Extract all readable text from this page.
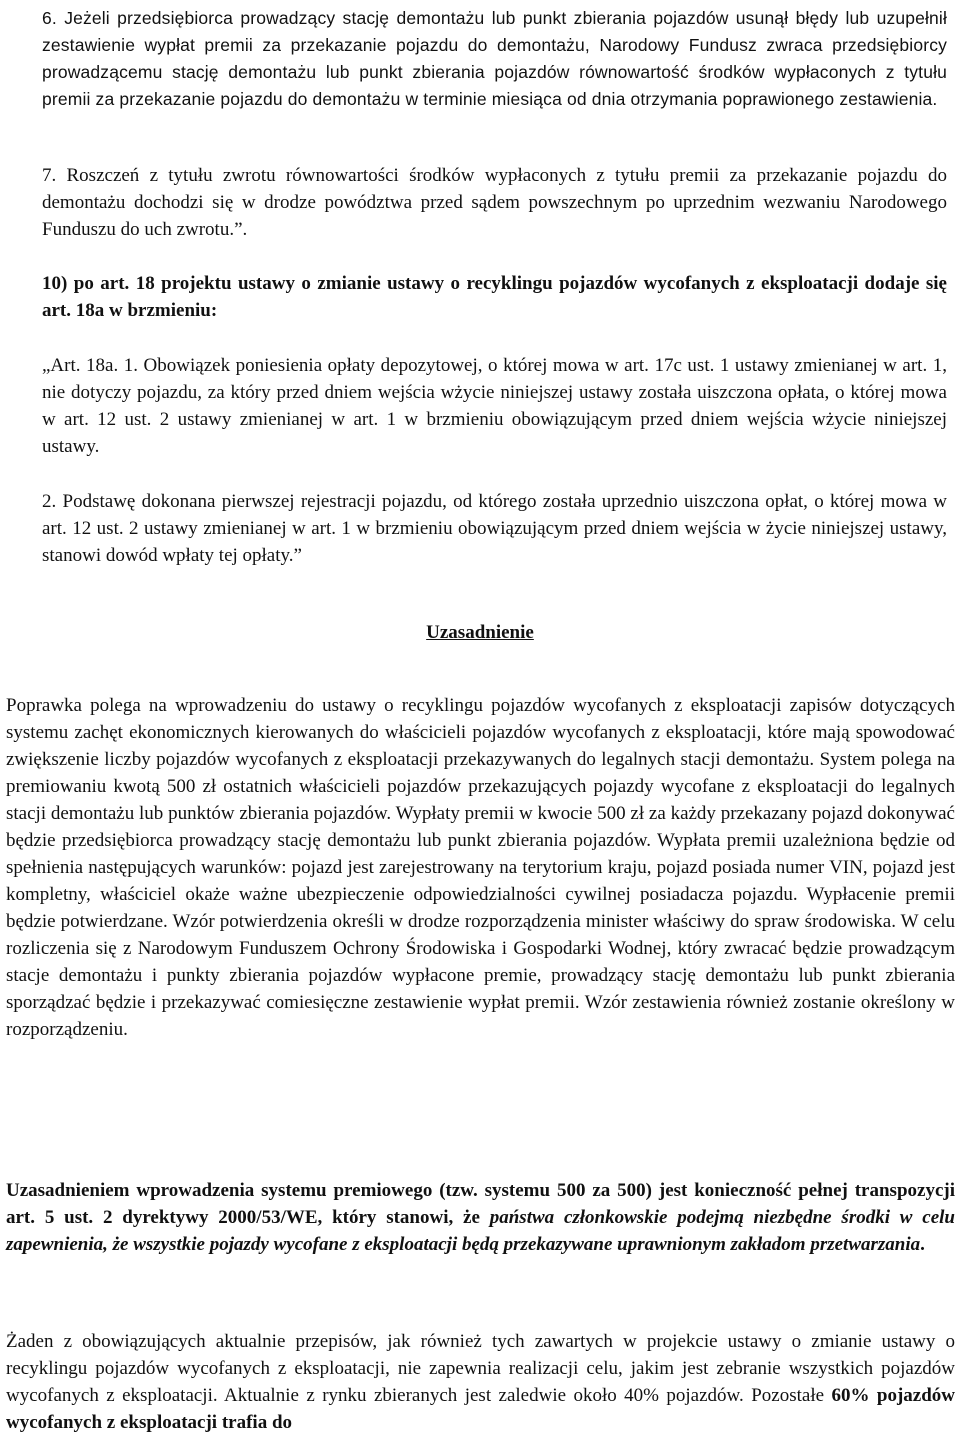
6. Jeżeli przedsiębiorca prowadzący stację demontażu lub punkt zbierania pojazdów usunął błędy lub uzupełnił zestawienie wypłat premii za przekazanie pojazdu do demontażu, Narodowy Fundusz zwraca przedsiębiorcy prowadzącemu stację demontażu lub punkt zbierania pojazdów równowartość środków wypłaconych z tytułu premii za przekazanie pojazdu do demontażu w terminie miesiąca od dnia otrzymania poprawionego zestawienia.

7. Roszczeń z tytułu zwrotu równowartości środków wypłaconych z tytułu premii za przekazanie pojazdu do demontażu dochodzi się w drodze powództwa przed sądem powszechnym po uprzednim wezwaniu Narodowego Funduszu do uch zwrotu.”.

10) po art. 18 projektu ustawy o zmianie ustawy o recyklingu pojazdów wycofanych z eksploatacji dodaje się art. 18a w brzmieniu:

„Art. 18a. 1. Obowiązek poniesienia opłaty depozytowej, o której mowa w art. 17c ust. 1 ustawy zmienianej w art. 1, nie dotyczy pojazdu, za który przed dniem wejścia wżycie niniejszej ustawy została uiszczona opłata, o której mowa w art. 12 ust. 2 ustawy zmienianej w art. 1 w brzmieniu obowiązującym przed dniem wejścia wżycie niniejszej ustawy.

2. Podstawę dokonana pierwszej rejestracji pojazdu, od którego została uprzednio uiszczona opłat, o której mowa w art. 12 ust. 2 ustawy zmienianej w art. 1 w brzmieniu obowiązującym przed dniem wejścia w życie niniejszej ustawy, stanowi dowód wpłaty tej opłaty.”

Uzasadnienie

Poprawka polega na wprowadzeniu do ustawy o recyklingu pojazdów wycofanych z eksploatacji zapisów dotyczących systemu zachęt ekonomicznych kierowanych do właścicieli pojazdów wycofanych z eksploatacji, które mają spowodować zwiększenie liczby pojazdów wycofanych z eksploatacji przekazywanych do legalnych stacji demontażu. System polega na premiowaniu kwotą 500 zł ostatnich właścicieli pojazdów przekazujących pojazdy wycofane z eksploatacji do legalnych stacji demontażu lub punktów zbierania pojazdów. Wypłaty premii w kwocie 500 zł za każdy przekazany pojazd dokonywać będzie przedsiębiorca prowadzący stację demontażu lub punkt zbierania pojazdów. Wypłata premii uzależniona będzie od spełnienia następujących warunków: pojazd jest zarejestrowany na terytorium kraju, pojazd posiada numer VIN, pojazd jest kompletny, właściciel okaże ważne ubezpieczenie odpowiedzialności cywilnej posiadacza pojazdu. Wypłacenie premii będzie potwierdzane. Wzór potwierdzenia określi w drodze rozporządzenia minister właściwy do spraw środowiska. W celu rozliczenia się z Narodowym Funduszem Ochrony Środowiska i Gospodarki Wodnej, który zwracać będzie prowadzącym stacje demontażu i punkty zbierania pojazdów wypłacone premie, prowadzący stację demontażu lub punkt zbierania sporządzać będzie i przekazywać comiesięczne zestawienie wypłat premii. Wzór zestawienia również zostanie określony w rozporządzeniu.

Uzasadnieniem wprowadzenia systemu premiowego (tzw. systemu 500 za 500) jest konieczność pełnej transpozycji art. 5 ust. 2 dyrektywy 2000/53/WE, który stanowi, że państwa członkowskie podejmą niezbędne środki w celu zapewnienia, że wszystkie pojazdy wycofane z eksploatacji będą przekazywane uprawnionym zakładom przetwarzania.

Żaden z obowiązujących aktualnie przepisów, jak również tych zawartych w projekcie ustawy o zmianie ustawy o recyklingu pojazdów wycofanych z eksploatacji, nie zapewnia realizacji celu, jakim jest zebranie wszystkich pojazdów wycofanych z eksploatacji. Aktualnie z rynku zbieranych jest zaledwie około 40% pojazdów. Pozostałe 60% pojazdów wycofanych z eksploatacji trafia do
